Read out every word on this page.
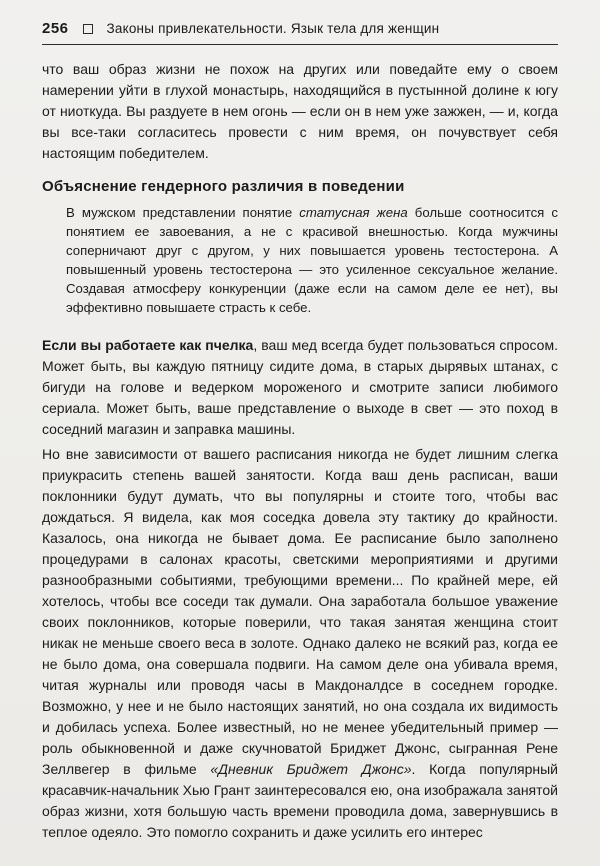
256	Законы привлекательности. Язык тела для женщин

что ваш образ жизни не похож на других или поведайте ему о своем намерении уйти в глухой монастырь, находящийся в пустынной долине к югу от ниоткуда. Вы раздуете в нем огонь — если он в нем уже зажжен, — и, когда вы все-таки согласитесь провести с ним время, он почувствует себя настоящим победителем.

Объяснение гендерного различия в поведении

В мужском представлении понятие статусная жена больше соотносится с понятием ее завоевания, а не с красивой внешностью. Когда мужчины соперничают друг с другом, у них повышается уровень тестостерона. А повышенный уровень тестостерона — это усиленное сексуальное желание. Создавая атмосферу конкуренции (даже если на самом деле ее нет), вы эффективно повышаете страсть к себе.

Если вы работаете как пчелка, ваш мед всегда будет пользоваться спросом. Может быть, вы каждую пятницу сидите дома, в старых дырявых штанах, с бигуди на голове и ведерком мороженого и смотрите записи любимого сериала. Может быть, ваше представление о выходе в свет — это поход в соседний магазин и заправка машины.

Но вне зависимости от вашего расписания никогда не будет лишним слегка приукрасить степень вашей занятости. Когда ваш день расписан, ваши поклонники будут думать, что вы популярны и стоите того, чтобы вас дождаться. Я видела, как моя соседка довела эту тактику до крайности. Казалось, она никогда не бывает дома. Ее расписание было заполнено процедурами в салонах красоты, светскими мероприятиями и другими разнообразными событиями, требующими времени... По крайней мере, ей хотелось, чтобы все соседи так думали. Она заработала большое уважение своих поклонников, которые поверили, что такая занятая женщина стоит никак не меньше своего веса в золоте. Однако далеко не всякий раз, когда ее не было дома, она совершала подвиги. На самом деле она убивала время, читая журналы или проводя часы в Макдоналдсе в соседнем городке. Возможно, у нее и не было настоящих занятий, но она создала их видимость и добилась успеха. Более известный, но не менее убедительный пример — роль обыкновенной и даже скучноватой Бриджет Джонс, сыгранная Рене Зеллвегер в фильме «Дневник Бриджет Джонс». Когда популярный красавчик-начальник Хью Грант заинтересовался ею, она изображала занятой образ жизни, хотя большую часть времени проводила дома, завернувшись в теплое одеяло. Это помогло сохранить и даже усилить его интерес
